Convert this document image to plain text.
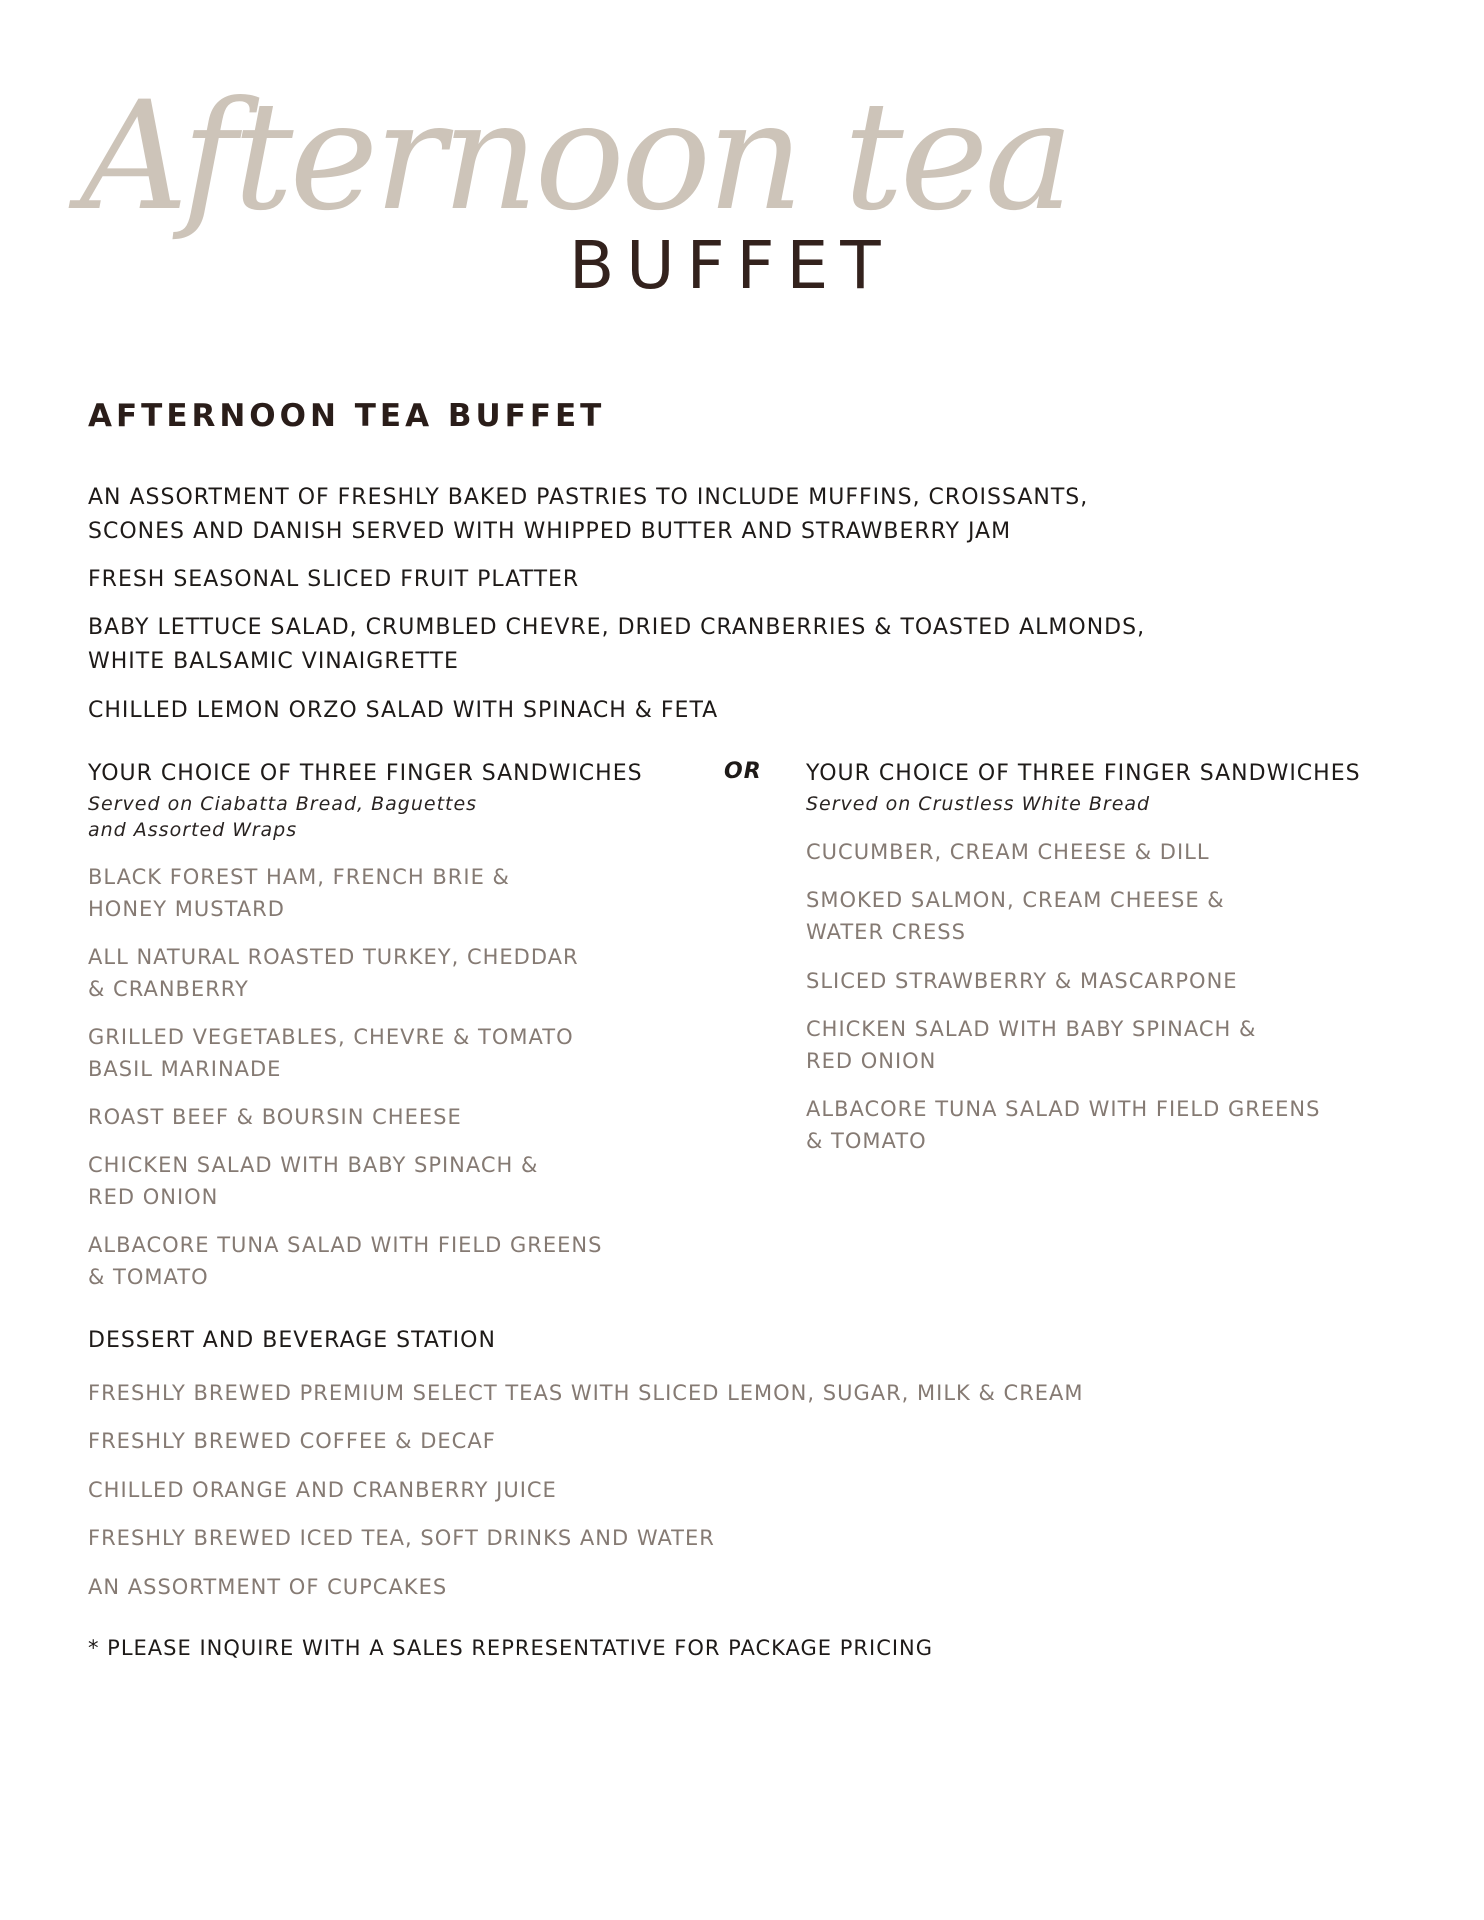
Afternoon tea
BUFFET
AFTERNOON TEA BUFFET
AN ASSORTMENT OF FRESHLY BAKED PASTRIES TO INCLUDE MUFFINS, CROISSANTS,
SCONES AND DANISH SERVED WITH WHIPPED BUTTER AND STRAWBERRY JAM
FRESH SEASONAL SLICED FRUIT PLATTER
BABY LETTUCE SALAD, CRUMBLED CHEVRE, DRIED CRANBERRIES & TOASTED ALMONDS,
WHITE BALSAMIC VINAIGRETTE
CHILLED LEMON ORZO SALAD WITH SPINACH & FETA
YOUR CHOICE OF THREE FINGER SANDWICHES
Served on Ciabatta Bread, Baguettes
and Assorted Wraps
OR
BLACK FOREST HAM, FRENCH BRIE &
HONEY MUSTARD
ALL NATURAL ROASTED TURKEY, CHEDDAR
& CRANBERRY
GRILLED VEGETABLES, CHEVRE & TOMATO
BASIL MARINADE
ROAST BEEF & BOURSIN CHEESE
CHICKEN SALAD WITH BABY SPINACH &
RED ONION
ALBACORE TUNA SALAD WITH FIELD GREENS
& TOMATO
YOUR CHOICE OF THREE FINGER SANDWICHES
Served on Crustless White Bread
CUCUMBER, CREAM CHEESE & DILL
SMOKED SALMON, CREAM CHEESE &
WATER CRESS
SLICED STRAWBERRY & MASCARPONE
CHICKEN SALAD WITH BABY SPINACH &
RED ONION
ALBACORE TUNA SALAD WITH FIELD GREENS
& TOMATO
DESSERT AND BEVERAGE STATION
FRESHLY BREWED PREMIUM SELECT TEAS WITH SLICED LEMON, SUGAR, MILK & CREAM
FRESHLY BREWED COFFEE & DECAF
CHILLED ORANGE AND CRANBERRY JUICE
FRESHLY BREWED ICED TEA, SOFT DRINKS AND WATER
AN ASSORTMENT OF CUPCAKES
* PLEASE INQUIRE WITH A SALES REPRESENTATIVE FOR PACKAGE PRICING
